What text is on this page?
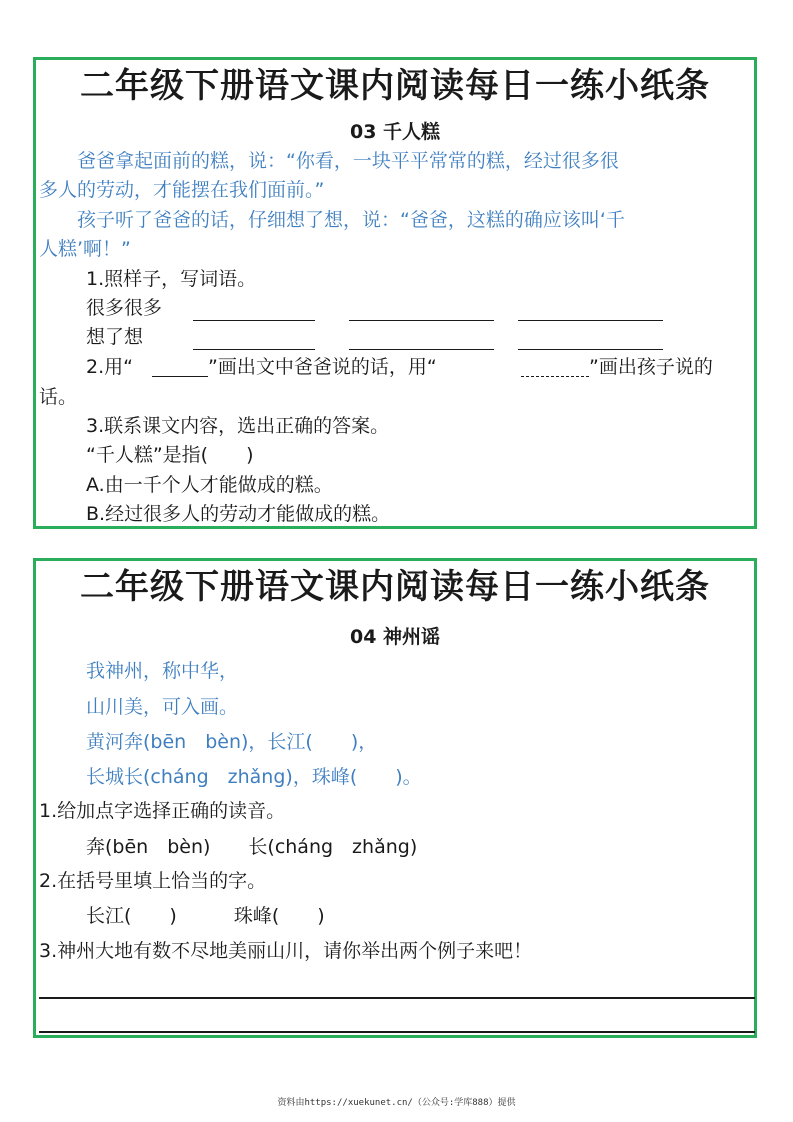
二年级下册语文课内阅读每日一练小纸条
03 千人糕
　　爸爸拿起面前的糕，说：“你看，一块平平常常的糕，经过很多很
多人的劳动，才能摆在我们面前。”
　　孩子听了爸爸的话，仔细想了想，说：“爸爸，这糕的确应该叫‘千
人糕’啊！”
1.照样子，写词语。
很多很多
想了想
2.用“	”画出文中爸爸说的话，用“	”画出孩子说的
话。
3.联系课文内容，选出正确的答案。
“千人糕”是指(　　)
A.由一千个人才能做成的糕。
B.经过很多人的劳动才能做成的糕。
二年级下册语文课内阅读每日一练小纸条
04 神州谣
我神州，称中华，
山川美，可入画。
黄河奔(bēn　bèn)，长江(　　)，
长城长(cháng　zhǎng)，珠峰(　　)。
1.给加点字选择正确的读音。
奔(bēn　bèn)　　长(cháng　zhǎng)
2.在括号里填上恰当的字。
长江(　　)　　　珠峰(　　)
3.神州大地有数不尽地美丽山川，请你举出两个例子来吧！
资料由https://xuekunet.cn/（公众号:学库888）提供
